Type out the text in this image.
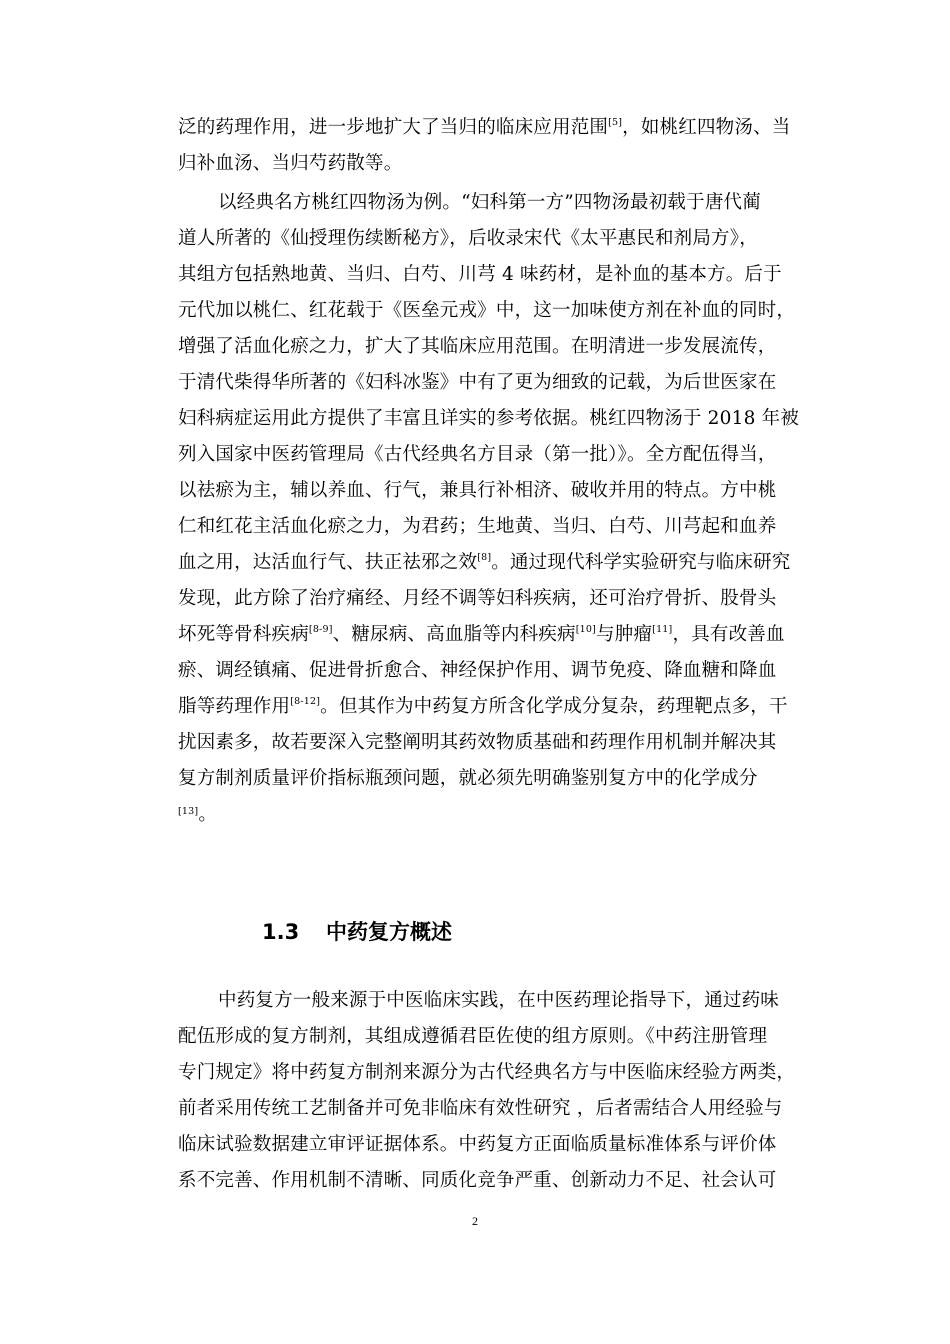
泛的药理作用，进一步地扩大了当归的临床应用范围[5]，如桃红四物汤、当
归补血汤、当归芍药散等。
以经典名方桃红四物汤为例。“妇科第一方”四物汤最初载于唐代蔺
道人所著的《仙授理伤续断秘方》，后收录宋代《太平惠民和剂局方》，
其组方包括熟地黄、当归、白芍、川芎 4 味药材，是补血的基本方。后于
元代加以桃仁、红花载于《医垒元戎》中，这一加味使方剂在补血的同时，
增强了活血化瘀之力，扩大了其临床应用范围。在明清进一步发展流传，
于清代柴得华所著的《妇科冰鉴》中有了更为细致的记载，为后世医家在
妇科病症运用此方提供了丰富且详实的参考依据。桃红四物汤于 2018 年被
列入国家中医药管理局《古代经典名方目录（第一批）》。全方配伍得当，
以祛瘀为主，辅以养血、行气，兼具行补相济、破收并用的特点。方中桃
仁和红花主活血化瘀之力，为君药；生地黄、当归、白芍、川芎起和血养
血之用，达活血行气、扶正祛邪之效[8]。通过现代科学实验研究与临床研究
发现，此方除了治疗痛经、月经不调等妇科疾病，还可治疗骨折、股骨头
坏死等骨科疾病[8-9]、糖尿病、高血脂等内科疾病[10]与肿瘤[11]，具有改善血
瘀、调经镇痛、促进骨折愈合、神经保护作用、调节免疫、降血糖和降血
脂等药理作用[8-12]。但其作为中药复方所含化学成分复杂，药理靶点多，干
扰因素多，故若要深入完整阐明其药效物质基础和药理作用机制并解决其
复方制剂质量评价指标瓶颈问题，就必须先明确鉴别复方中的化学成分
[13]。
1.3 中药复方概述
中药复方一般来源于中医临床实践，在中医药理论指导下，通过药味
配伍形成的复方制剂，其组成遵循君臣佐使的组方原则。《中药注册管理
专门规定》将中药复方制剂来源分为古代经典名方与中医临床经验方两类，
前者采用传统工艺制备并可免非临床有效性研究 ，后者需结合人用经验与
临床试验数据建立审评证据体系。中药复方正面临质量标准体系与评价体
系不完善、作用机制不清晰、同质化竞争严重、创新动力不足、社会认可
2
